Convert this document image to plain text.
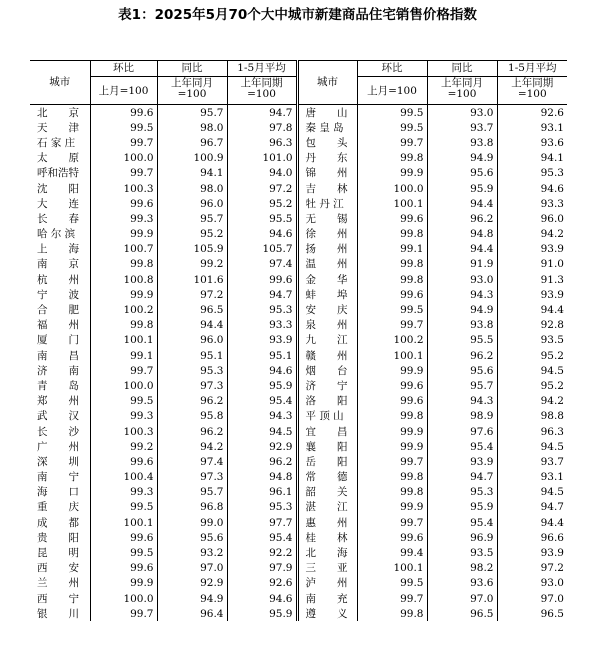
表1：2025年5月70个大中城市新建商品住宅销售价格指数
城市	环比	同比	1-5月平均	城市	环比	同比	1-5月平均
	上月=100	上年同月=100	上年同期=100		上月=100	上年同月=100	上年同期=100
北　　京	99.6	95.7	94.7	唐　　山	99.5	93.0	92.6
天　　津	99.5	98.0	97.8	秦 皇 岛	99.5	93.7	93.1
石 家 庄	99.7	96.7	96.3	包　　头	99.7	93.8	93.6
太　　原	100.0	100.9	101.0	丹　　东	99.8	94.9	94.1
呼和浩特	99.7	94.1	94.0	锦　　州	99.9	95.6	95.3
沈　　阳	100.3	98.0	97.2	吉　　林	100.0	95.9	94.6
大　　连	99.6	96.0	95.2	牡 丹 江	100.1	94.4	93.3
长　　春	99.3	95.7	95.5	无　　锡	99.6	96.2	96.0
哈 尔 滨	99.9	95.2	94.6	徐　　州	99.8	94.8	94.2
上　　海	100.7	105.9	105.7	扬　　州	99.1	94.4	93.9
南　　京	99.8	99.2	97.4	温　　州	99.8	91.9	91.0
杭　　州	100.8	101.6	99.6	金　　华	99.8	93.0	91.3
宁　　波	99.9	97.2	94.7	蚌　　埠	99.6	94.3	93.9
合　　肥	100.2	96.5	95.3	安　　庆	99.5	94.9	94.4
福　　州	99.8	94.4	93.3	泉　　州	99.7	93.8	92.8
厦　　门	100.1	96.0	93.9	九　　江	100.2	95.5	93.5
南　　昌	99.1	95.1	95.1	赣　　州	100.1	96.2	95.2
济　　南	99.7	95.3	94.6	烟　　台	99.9	95.6	94.5
青　　岛	100.0	97.3	95.9	济　　宁	99.6	95.7	95.2
郑　　州	99.5	96.2	95.4	洛　　阳	99.6	94.3	94.2
武　　汉	99.3	95.8	94.3	平 顶 山	99.8	98.9	98.8
长　　沙	100.3	96.2	94.5	宜　　昌	99.9	97.6	96.3
广　　州	99.2	94.2	92.9	襄　　阳	99.9	95.4	94.5
深　　圳	99.6	97.4	96.2	岳　　阳	99.7	93.9	93.7
南　　宁	100.4	97.3	94.8	常　　德	99.8	94.7	93.1
海　　口	99.3	95.7	96.1	韶　　关	99.8	95.3	94.5
重　　庆	99.5	96.8	95.3	湛　　江	99.9	95.9	94.7
成　　都	100.1	99.0	97.7	惠　　州	99.7	95.4	94.4
贵　　阳	99.6	95.6	95.4	桂　　林	99.6	96.9	96.6
昆　　明	99.5	93.2	92.2	北　　海	99.4	93.5	93.9
西　　安	99.6	97.0	97.9	三　　亚	100.1	98.2	97.2
兰　　州	99.9	92.9	92.6	泸　　州	99.5	93.6	93.0
西　　宁	100.0	94.9	94.6	南　　充	99.7	97.0	97.0
银　　川	99.7	96.4	95.9	遵　　义	99.8	96.5	96.5
